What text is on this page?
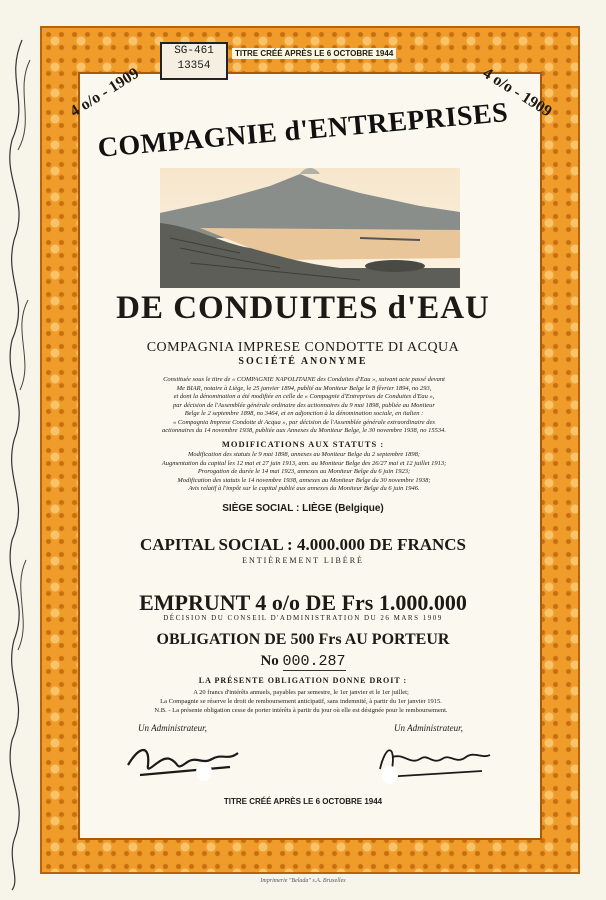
SG-461
13354
TITRE CRÉÉ APRÈS LE 6 OCTOBRE 1944
4 o/o - 1909	4 o/o - 1909
COMPAGNIE d'ENTREPRISES
DE CONDUITES d'EAU
COMPAGNIA IMPRESE CONDOTTE DI ACQUA
SOCIÉTÉ ANONYME
Constituée sous le titre de « COMPAGNIE NAPOLITAINE des Conduites d'Eau », suivant acte passé devant
Me BIAR, notaire à Liège, le 25 janvier 1894, publié au Moniteur Belge le 8 février 1894, no 293,
et dont la dénomination a été modifiée en celle de « Compagnie d'Entreprises de Conduites d'Eau »,
par décision de l'Assemblée générale ordinaire des actionnaires du 9 mai 1898, publiée au Moniteur
Belge le 2 septembre 1898, no 3464, et en adjonction à la dénomination sociale, en italien :
« Compagnia Imprese Condotte di Acqua », par décision de l'Assemblée générale extraordinaire des
actionnaires du 14 novembre 1938, publiée aux Annexes du Moniteur Belge, le 30 novembre 1938, no 15534.
MODIFICATIONS AUX STATUTS :
Modification des statuts le 9 mai 1898, annexes au Moniteur Belge du 2 septembre 1898;
Augmentation du capital les 12 mai et 27 juin 1913, ann. au Moniteur Belge des 26/27 mai et 12 juillet 1913;
Prorogation de durée le 14 mai 1923, annexes au Moniteur Belge du 6 juin 1923;
Modification des statuts le 14 novembre 1938, annexes au Moniteur Belge du 30 novembre 1938;
Avis relatif à l'impôt sur le capital publié aux annexes du Moniteur Belge du 6 juin 1946.
SIÈGE SOCIAL : LIÈGE (Belgique)
CAPITAL SOCIAL : 4.000.000 DE FRANCS
ENTIÈREMENT LIBÉRÉ
EMPRUNT 4 o/o DE Frs 1.000.000
DÉCISION DU CONSEIL D'ADMINISTRATION DU 26 MARS 1909
OBLIGATION DE 500 Frs AU PORTEUR
No 000.287
LA PRÉSENTE OBLIGATION DONNE DROIT :
A 20 francs d'intérêts annuels, payables par semestre, le 1er janvier et le 1er juillet;
La Compagnie se réserve le droit de remboursement anticipatif, sans indemnité, à partir du 1er janvier 1915.
N.B. - La présente obligation cesse de porter intérêts à partir du jour où elle est désignée pour le remboursement.
Un Administrateur,	Un Administrateur,
TITRE CRÉÉ APRÈS LE 6 OCTOBRE 1944
Imprimerie "Belada" s.A. Bruxelles
